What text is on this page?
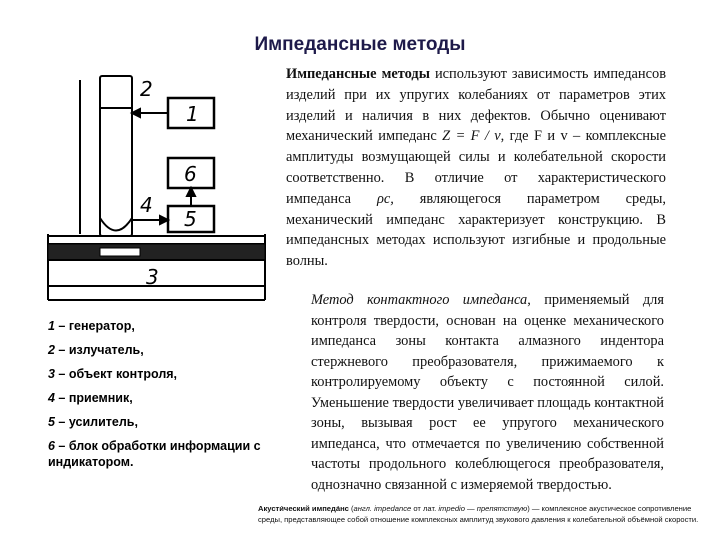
Импедансные методы
1
2
6
4
5
3
1 – генератор,
2 – излучатель,
3 – объект контроля,
4 – приемник,
5 – усилитель,
6 – блок обработки информации с индикатором.
Импедансные методы используют зависимость импедансов изделий при их упругих колебаниях от параметров этих изделий и наличия в них дефектов. Обычно оценивают механический импеданс Z = F / v, где F и v – комплексные амплитуды возмущающей силы и колебательной скорости соответственно. В отличие от характеристического импеданса ρc, являющегося параметром среды, механический импеданс характеризует конструкцию. В импедансных методах используют изгибные и продольные волны.
Метод контактного импеданса, применяемый для контроля твердости, основан на оценке механического импеданса зоны контакта алмазного индентора стержневого преобразователя, прижимаемого к контролируемому объекту с постоянной силой. Уменьшение твердости увеличивает площадь контактной зоны, вызывая рост ее упругого механического импеданса, что отмечается по увеличению собственной частоты продольного колеблющегося преобразователя, однозначно связанной с измеряемой твердостью.
Акусти́ческий импеда́нс (англ. impedance от лат. impedio — препятствую) — комплексное акустическое сопротивление среды, представляющее собой отношение комплексных амплитуд звукового давления к колебательной объёмной скорости.
